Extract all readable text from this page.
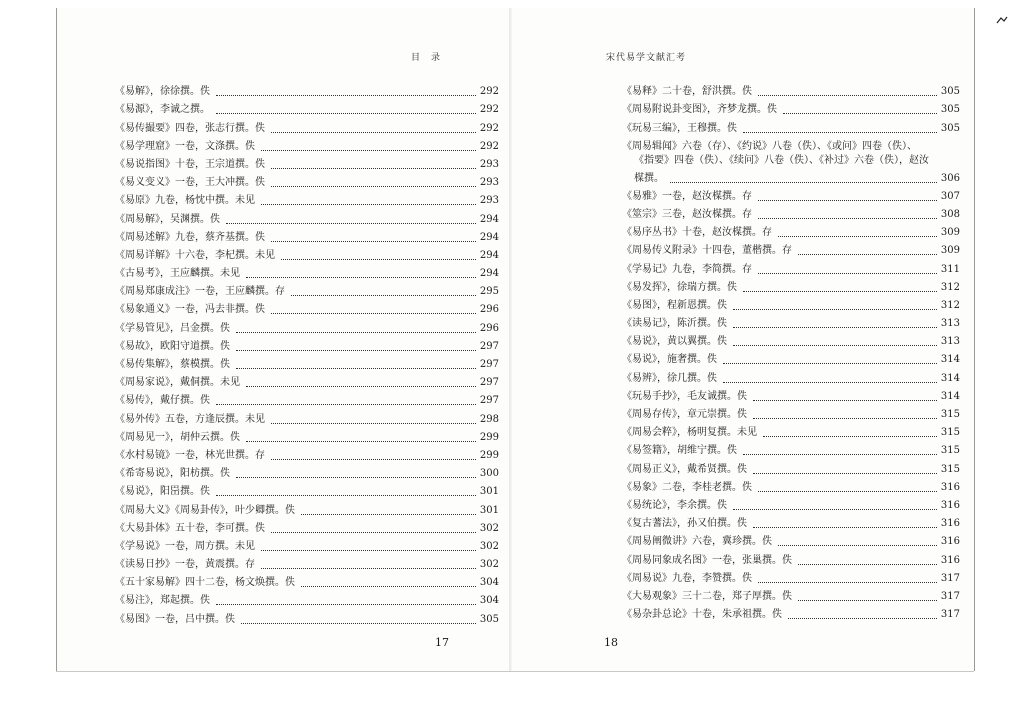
目　录
《易解》，徐徐撰。佚	292
《易源》，李诚之撰。	292
《易传撮要》四卷，张志行撰。佚	292
《易学理窟》一卷，文涤撰。佚	292
《易说指图》十卷，王宗道撰。佚	293
《易义变义》一卷，王大冲撰。佚	293
《易原》九卷，杨忱中撰。未见	293
《周易解》，吴渊撰。佚	294
《周易述解》九卷，蔡齐基撰。佚	294
《周易详解》十六卷，李杞撰。未见	294
《古易考》，王应麟撰。未见	294
《周易郑康成注》一卷，王应麟撰。存	295
《易象通义》一卷，冯去非撰。佚	296
《学易管见》，吕金撰。佚	296
《易故》，欧阳守道撰。佚	297
《易传集解》，蔡模撰。佚	297
《周易家说》，戴侗撰。未见	297
《易传》，戴仔撰。佚	297
《易外传》五卷，方逢辰撰。未见	298
《周易见一》，胡仲云撰。佚	299
《水村易镜》一卷，林光世撰。存	299
《希寄易说》，阳枋撰。佚	300
《易说》，阳岊撰。佚	301
《周易大义》《周易卦传》，叶少卿撰。佚	301
《大易卦体》五十卷，李可撰。佚	302
《学易说》一卷，周方撰。未见	302
《读易日抄》一卷，黄震撰。存	302
《五十家易解》四十二卷，杨文焕撰。佚	304
《易注》，郑起撰。佚	304
《易图》一卷，吕中撰。佚	305
17
宋代易学文献汇考
《易释》二十卷，舒洪撰。佚	305
《周易附说卦变图》，齐梦龙撰。佚	305
《玩易三编》，王穆撰。佚	305
《周易辑闻》六卷（存）、《约说》八卷（佚）、《或问》四卷（佚）、
《指要》四卷（佚）、《续问》八卷（佚）、《补过》六卷（佚），赵汝
楳撰。	306
《易雅》一卷，赵汝楳撰。存	307
《筮宗》三卷，赵汝楳撰。存	308
《易序丛书》十卷，赵汝楳撰。存	309
《周易传义附录》十四卷，董楷撰。存	309
《学易记》九卷，李简撰。存	311
《易发挥》，徐瑞方撰。佚	312
《易图》，程新恩撰。佚	312
《读易记》，陈沂撰。佚	313
《易说》，黄以翼撰。佚	313
《易说》，施奢撰。佚	314
《易辨》，徐几撰。佚	314
《玩易手抄》，毛友诚撰。佚	314
《周易存传》，章元崇撰。佚	315
《周易会粹》，杨明复撰。未见	315
《易签籍》，胡维宁撰。佚	315
《周易正义》，戴希贤撰。佚	315
《易象》二卷，李桂老撰。佚	316
《易统论》，李余撰。佚	316
《复古蓍法》，孙又伯撰。佚	316
《周易阐微讲》六卷，冀珍撰。佚	316
《周易同象成名图》一卷，张巢撰。佚	316
《周易说》九卷，李赞撰。佚	317
《大易观象》三十二卷，郑子厚撰。佚	317
《易杂卦总论》十卷，朱承祖撰。佚	317
18
